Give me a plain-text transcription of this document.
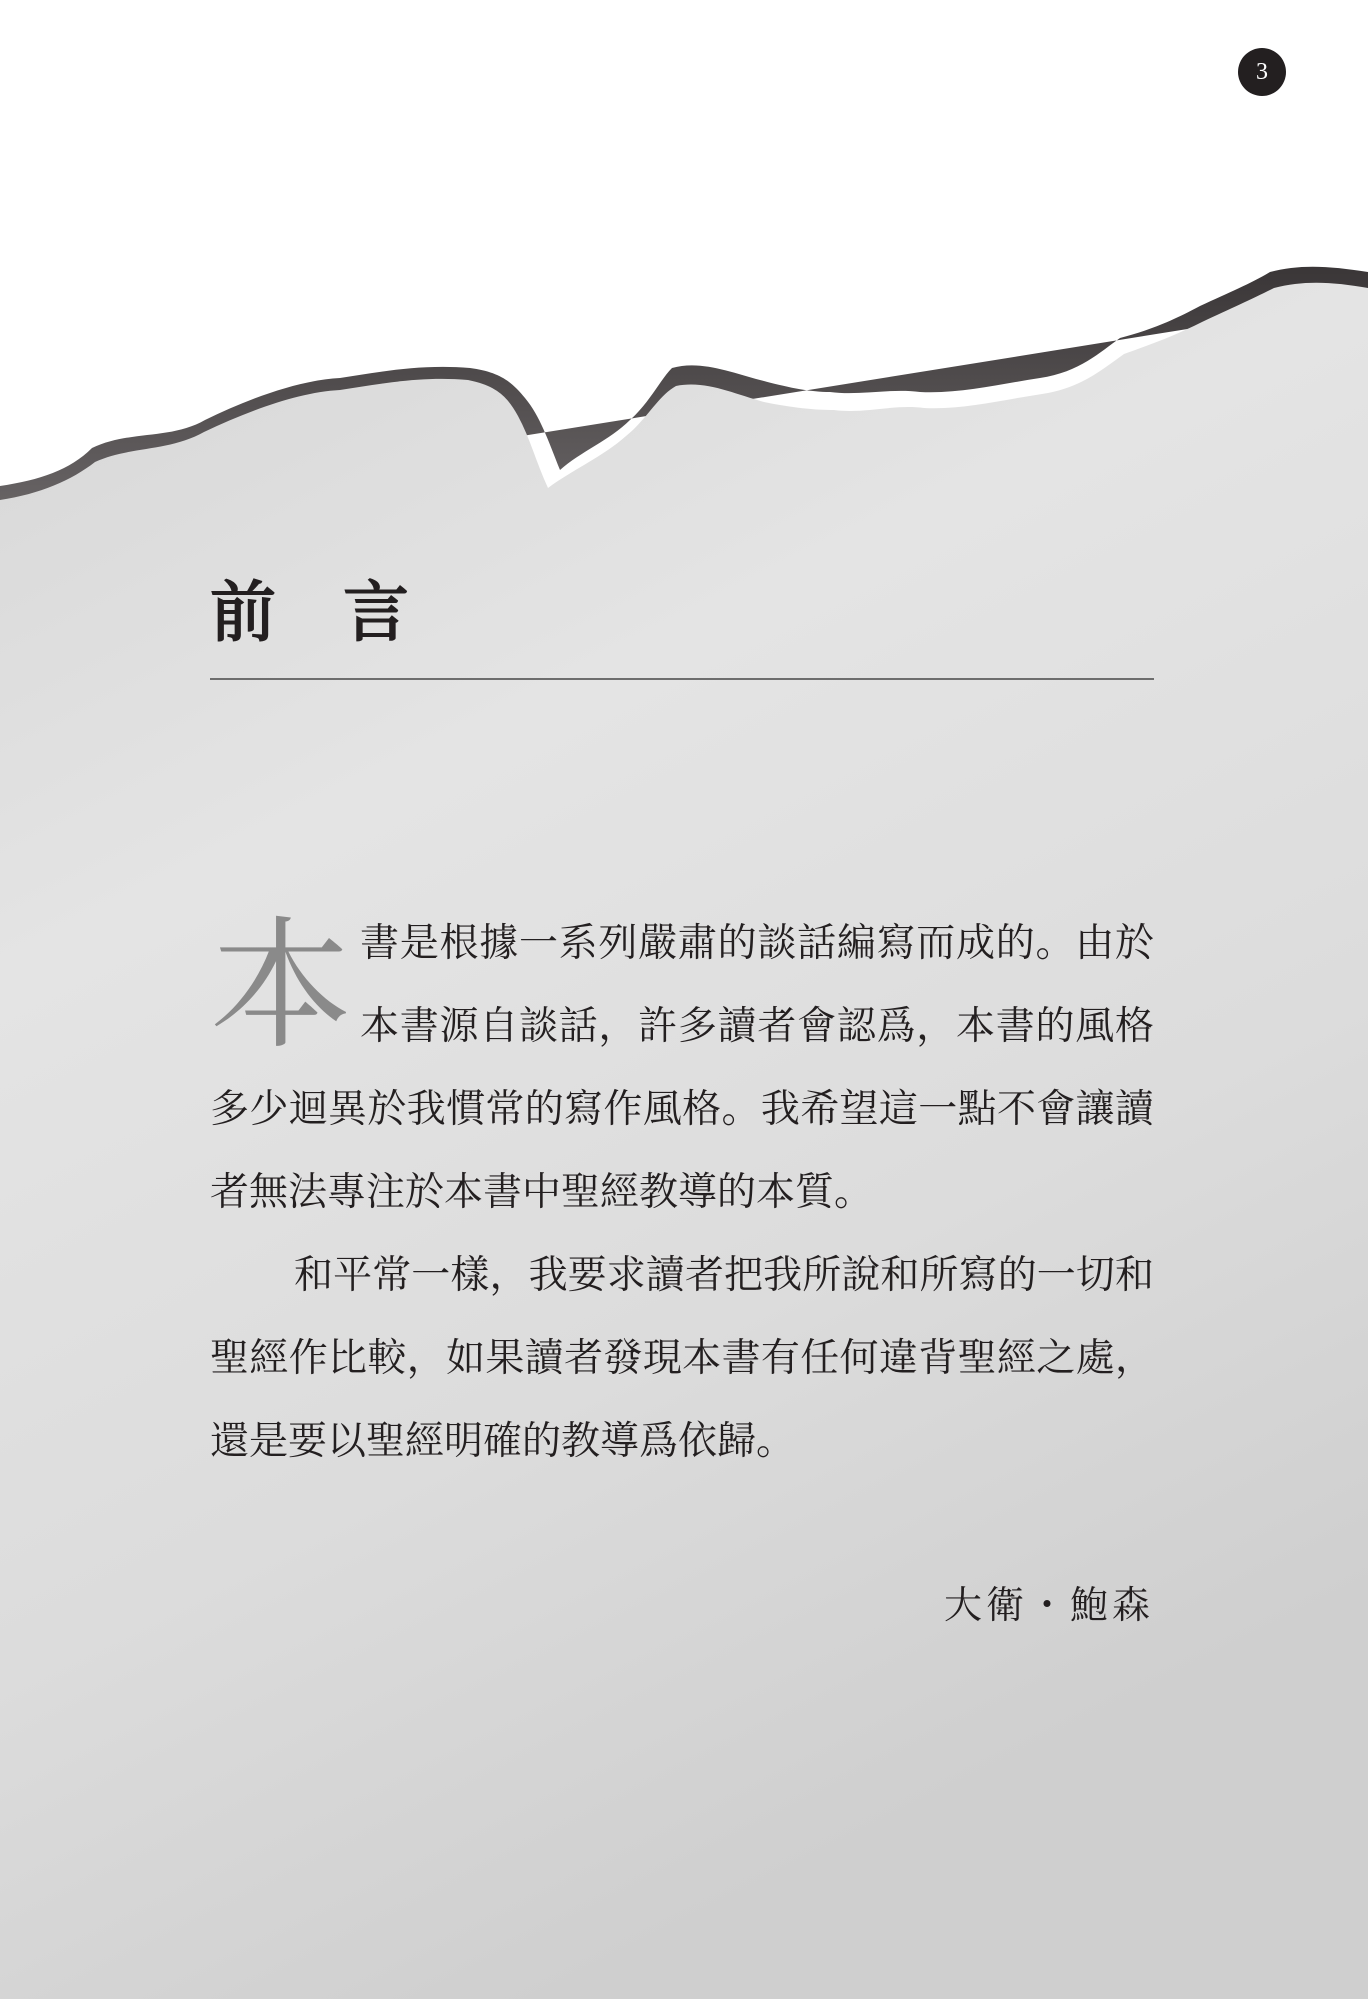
3
前 言

本 書是根據一系列嚴肅的談話編寫而成的。由於本書源自談話，許多讀者會認爲，本書的風格多少迴異於我慣常的寫作風格。我希望這一點不會讓讀者無法專注於本書中聖經教導的本質。

和平常一樣，我要求讀者把我所說和所寫的一切和聖經作比較，如果讀者發現本書有任何違背聖經之處，還是要以聖經明確的教導爲依歸。

大衛・鮑森
